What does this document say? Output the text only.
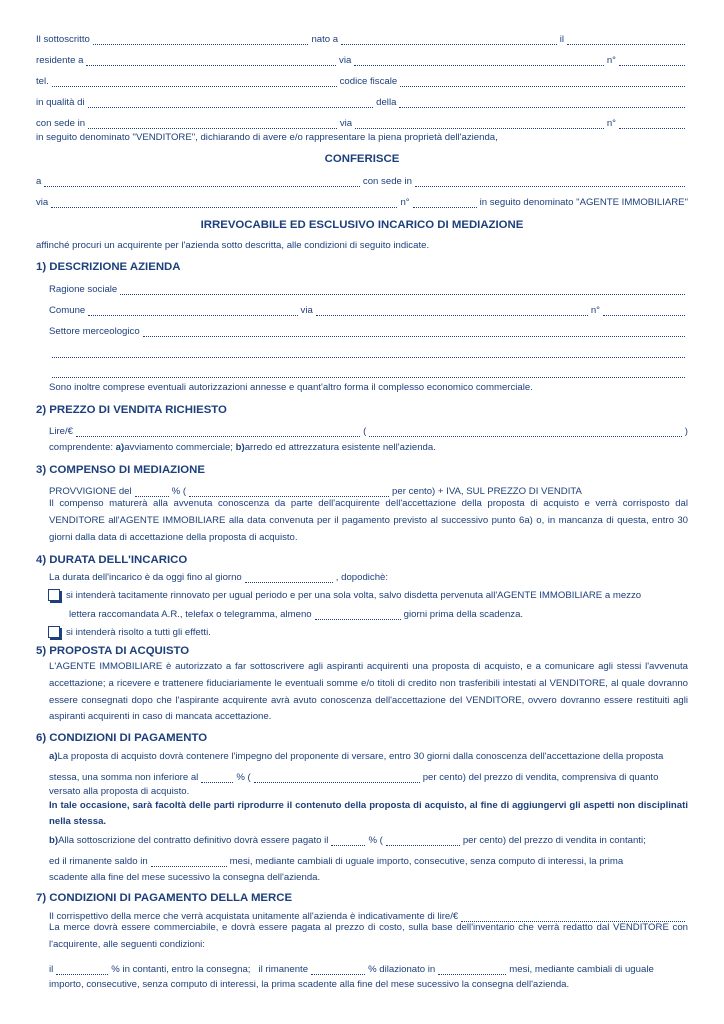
Il sottoscritto	nato a	il
residente a	via	n°
tel.	codice fiscale
in qualità di	della
con sede in	via	n°
in seguito denominato "VENDITORE", dichiarando di avere e/o rappresentare la piena proprietà dell'azienda,
CONFERISCE
a	con sede in
via	n°	in seguito denominato "AGENTE IMMOBILIARE"
IRREVOCABILE ED ESCLUSIVO INCARICO DI MEDIAZIONE
affinché procuri un acquirente per l'azienda sotto descritta, alle condizioni di seguito indicate.
1) DESCRIZIONE AZIENDA
Ragione sociale
Comune	via	n°
Settore merceologico
Sono inoltre comprese eventuali autorizzazioni annesse e quant'altro forma il complesso economico commerciale.
2) PREZZO DI VENDITA RICHIESTO
Lire/€	(	)
comprendente:
a) avviamento commerciale;
b) arredo ed attrezzatura esistente nell'azienda.
3) COMPENSO DI MEDIAZIONE
PROVVIGIONE del	% (	per cento) + IVA, SUL PREZZO DI VENDITA
Il compenso maturerà alla avvenuta conoscenza da parte dell'acquirente dell'accettazione della proposta di acquisto e verrà corrisposto dal VENDITORE all'AGENTE IMMOBILIARE alla data convenuta per il pagamento previsto al successivo punto 6a) o, in mancanza di questa, entro 30 giorni dalla data di accettazione della proposta di acquisto.
4) DURATA DELL'INCARICO
La durata dell'incarico è da oggi fino al giorno	, dopodichè:
si intenderà tacitamente rinnovato per ugual periodo e per una sola volta, salvo disdetta pervenuta all'AGENTE IMMOBILIARE a mezzo
lettera raccomandata A.R., telefax o telegramma, almeno	giorni prima della scadenza.
si intenderà risolto a tutti gli effetti.
5) PROPOSTA DI ACQUISTO
L'AGENTE IMMOBILIARE è autorizzato a far sottoscrivere agli aspiranti acquirenti una proposta di acquisto, e a comunicare agli stessi l'avvenuta accettazione; a ricevere e trattenere fiduciariamente le eventuali somme e/o titoli di credito non trasferibili intestati al VENDITORE, al quale dovranno essere consegnati dopo che l'aspirante acquirente avrà avuto conoscenza dell'accettazione del VENDITORE, ovvero dovranno essere restituiti agli aspiranti acquirenti in caso di mancata accettazione.
6) CONDIZIONI DI PAGAMENTO
a) La proposta di acquisto dovrà contenere l'impegno del proponente di versare, entro 30 giorni dalla conoscenza dell'accettazione della proposta
stessa, una somma non inferiore al	% (	per cento) del prezzo di vendita, comprensiva di quanto
versato alla proposta di acquisto.
In tale occasione, sarà facoltà delle parti riprodurre il contenuto della proposta di acquisto, al fine di aggiungervi gli aspetti non disciplinati nella stessa.
b) Alla sottoscrizione del contratto definitivo dovrà essere pagato il	% (	per cento) del prezzo di vendita in contanti;
ed il rimanente saldo in	mesi, mediante cambiali di uguale importo, consecutive, senza computo di interessi, la prima
scadente alla fine del mese sucessivo la consegna dell'azienda.
7) CONDIZIONI DI PAGAMENTO DELLA MERCE
Il corrispettivo della merce che verrà acquistata unitamente all'azienda è indicativamente di lire/€
La merce dovrà essere commerciabile, e dovrà essere pagata al prezzo di costo, sulla base dell'inventario che verrà redatto dal VENDITORE con l'acquirente, alle seguenti condizioni:
il	% in contanti, entro la consegna;
il rimanente	% dilazionato in	mesi, mediante cambiali di uguale
importo, consecutive, senza computo di interessi, la prima scadente alla fine del mese sucessivo la consegna dell'azienda.
